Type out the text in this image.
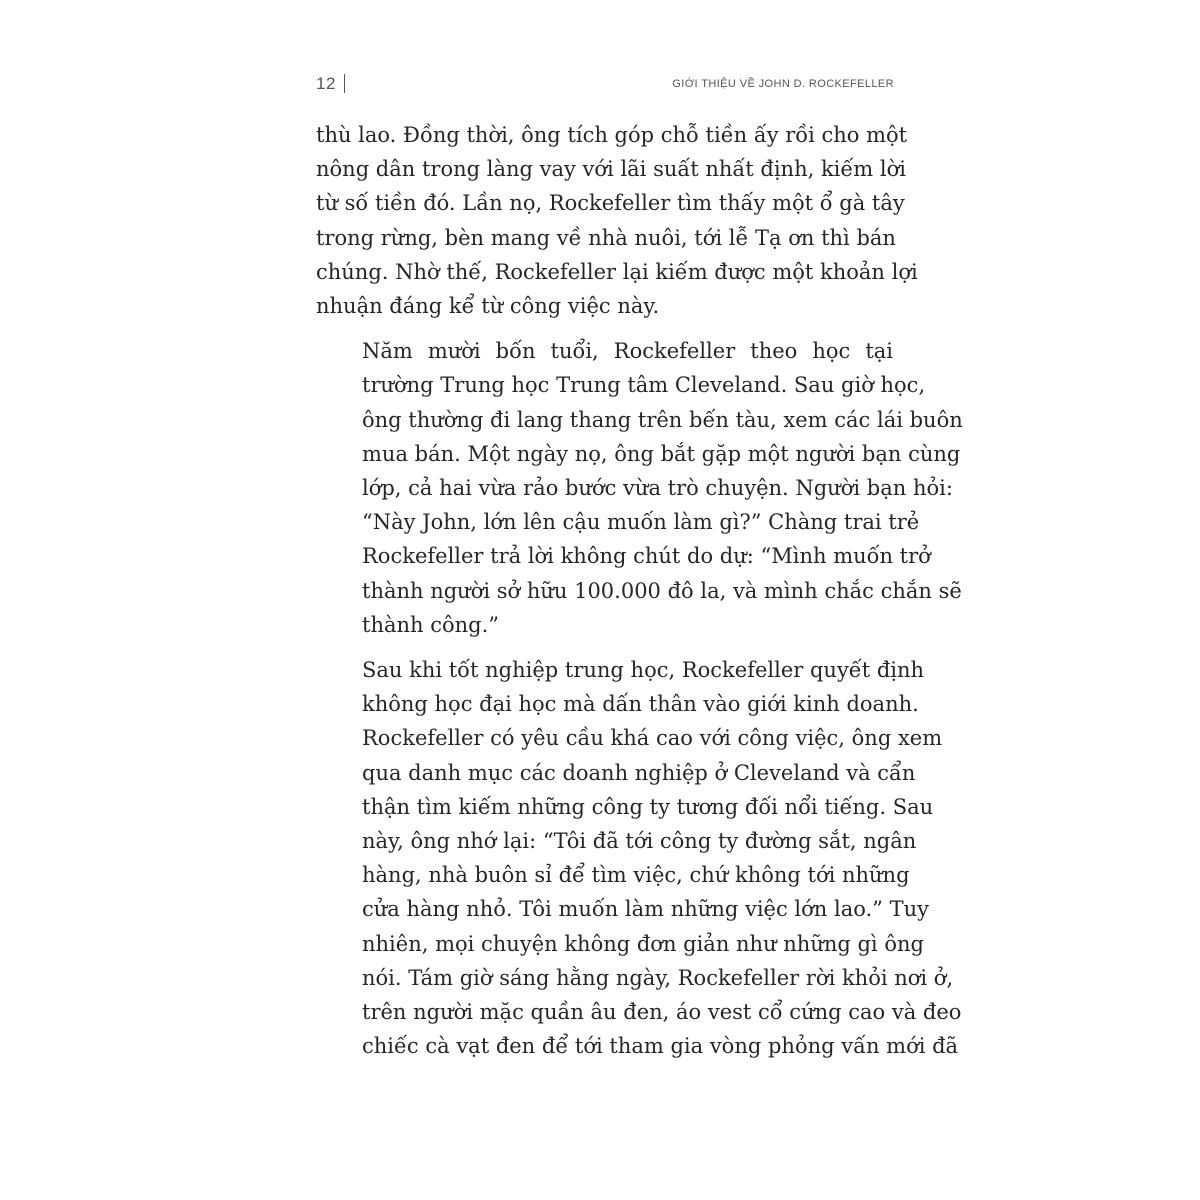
12	GIỚI THIỆU VỀ JOHN D. ROCKEFELLER

thù lao. Đồng thời, ông tích góp chỗ tiền ấy rồi cho một
nông dân trong làng vay với lãi suất nhất định, kiếm lời
từ số tiền đó. Lần nọ, Rockefeller tìm thấy một ổ gà tây
trong rừng, bèn mang về nhà nuôi, tới lễ Tạ ơn thì bán
chúng. Nhờ thế, Rockefeller lại kiếm được một khoản lợi
nhuận đáng kể từ công việc này.

Năm mười bốn tuổi, Rockefeller theo học tại
trường Trung học Trung tâm Cleveland. Sau giờ học,
ông thường đi lang thang trên bến tàu, xem các lái buôn
mua bán. Một ngày nọ, ông bắt gặp một người bạn cùng
lớp, cả hai vừa rảo bước vừa trò chuyện. Người bạn hỏi:
“Này John, lớn lên cậu muốn làm gì?” Chàng trai trẻ
Rockefeller trả lời không chút do dự: “Mình muốn trở
thành người sở hữu 100.000 đô la, và mình chắc chắn sẽ
thành công.”

Sau khi tốt nghiệp trung học, Rockefeller quyết định
không học đại học mà dấn thân vào giới kinh doanh.
Rockefeller có yêu cầu khá cao với công việc, ông xem
qua danh mục các doanh nghiệp ở Cleveland và cẩn
thận tìm kiếm những công ty tương đối nổi tiếng. Sau
này, ông nhớ lại: “Tôi đã tới công ty đường sắt, ngân
hàng, nhà buôn sỉ để tìm việc, chứ không tới những
cửa hàng nhỏ. Tôi muốn làm những việc lớn lao.” Tuy
nhiên, mọi chuyện không đơn giản như những gì ông
nói. Tám giờ sáng hằng ngày, Rockefeller rời khỏi nơi ở,
trên người mặc quần âu đen, áo vest cổ cứng cao và đeo
chiếc cà vạt đen để tới tham gia vòng phỏng vấn mới đã
